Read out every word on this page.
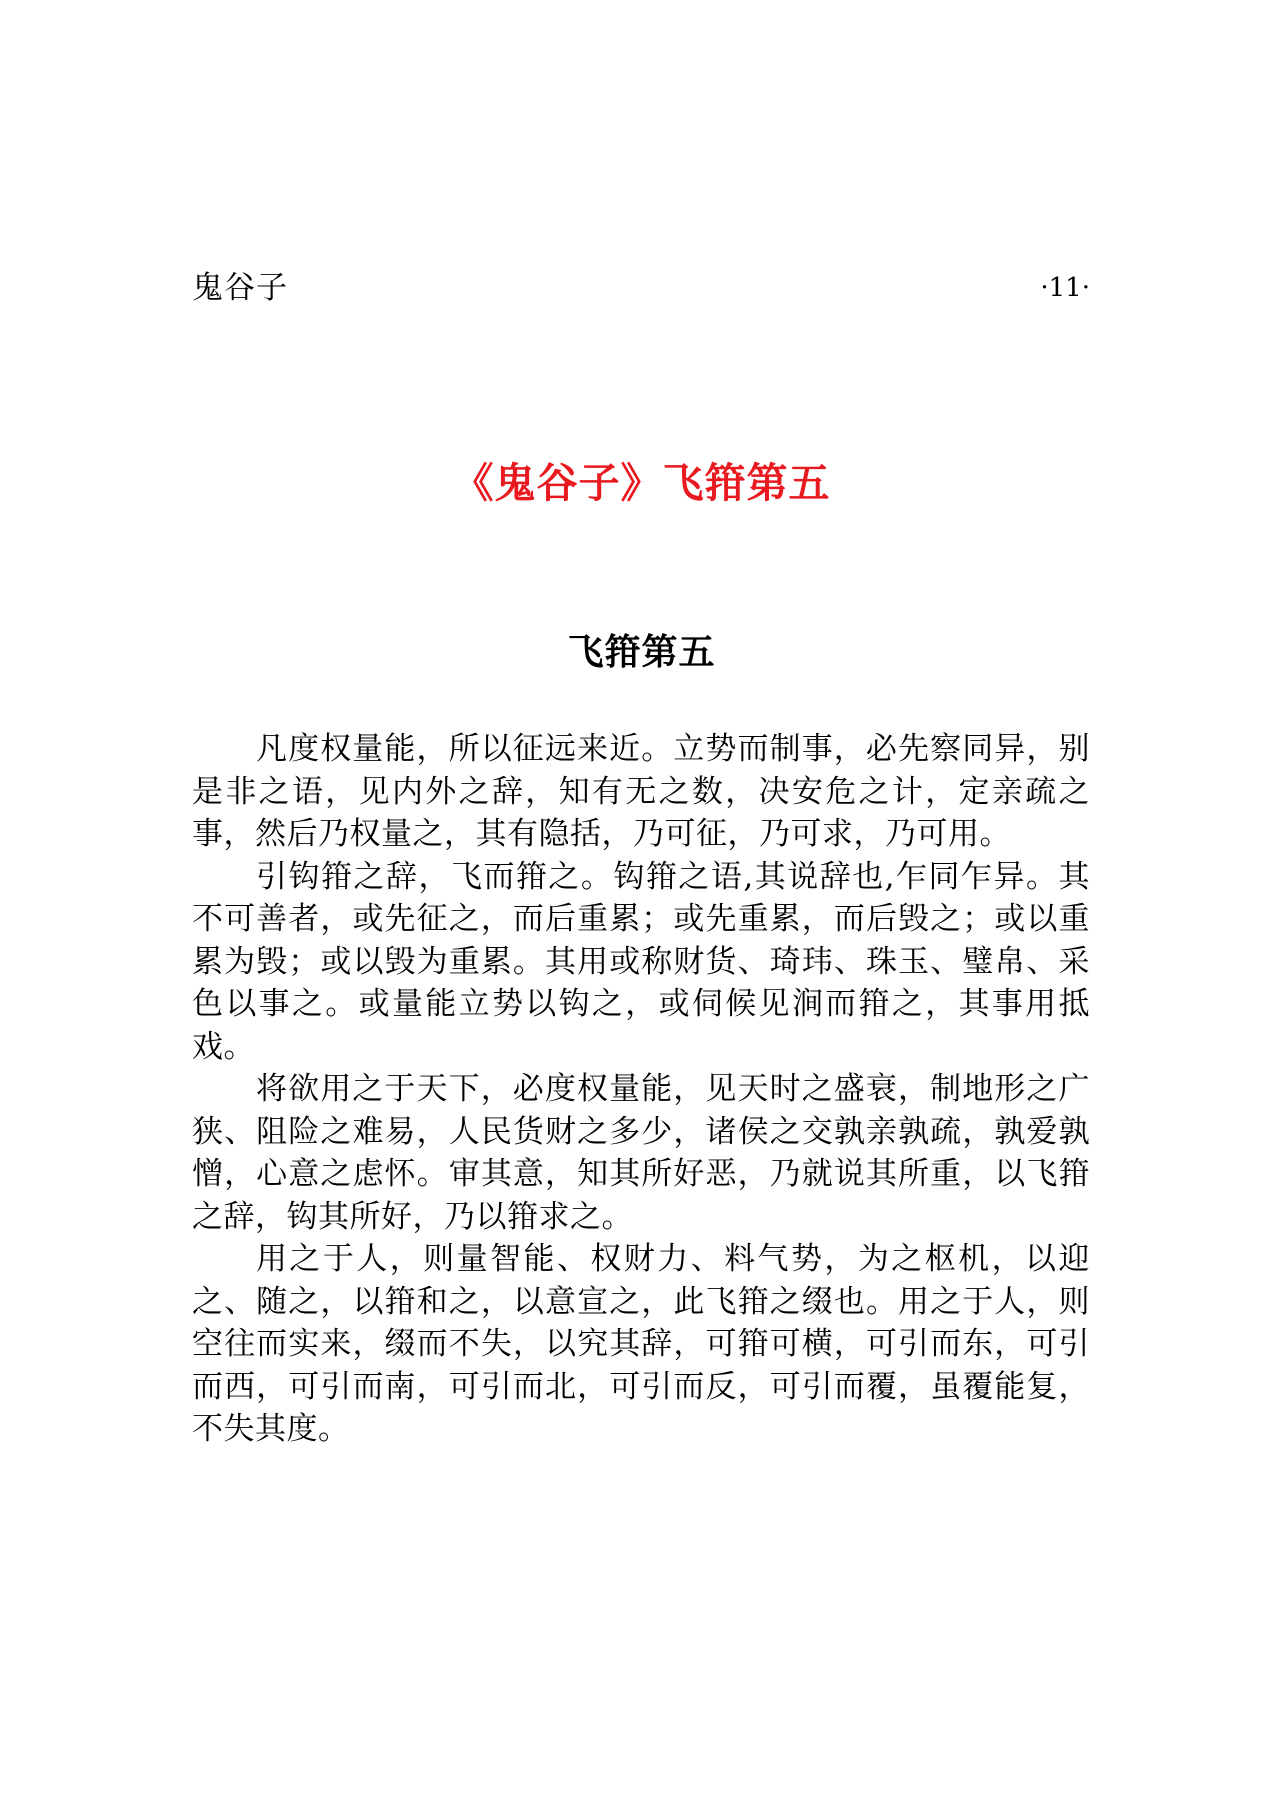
鬼谷子	·11·
《鬼谷子》飞箝第五
飞箝第五

凡度权量能，所以征远来近。立势而制事，必先察同异，别是非之语，见内外之辞，知有无之数，决安危之计，定亲疏之事，然后乃权量之，其有隐括，乃可征，乃可求，乃可用。

引钩箝之辞，飞而箝之。钩箝之语,其说辞也,乍同乍异。其不可善者，或先征之，而后重累；或先重累，而后毁之；或以重累为毁；或以毁为重累。其用或称财货、琦玮、珠玉、璧帛、采色以事之。或量能立势以钩之，或伺候见涧而箝之，其事用抵戏。

将欲用之于天下，必度权量能，见天时之盛衰，制地形之广狭、阻险之难易，人民货财之多少，诸侯之交孰亲孰疏，孰爱孰憎，心意之虑怀。审其意，知其所好恶，乃就说其所重，以飞箝之辞，钩其所好，乃以箝求之。

用之于人，则量智能、权财力、料气势，为之枢机，以迎之、随之，以箝和之，以意宣之，此飞箝之缀也。用之于人，则空往而实来，缀而不失，以究其辞，可箝可横，可引而东，可引而西，可引而南，可引而北，可引而反，可引而覆，虽覆能复，不失其度。
